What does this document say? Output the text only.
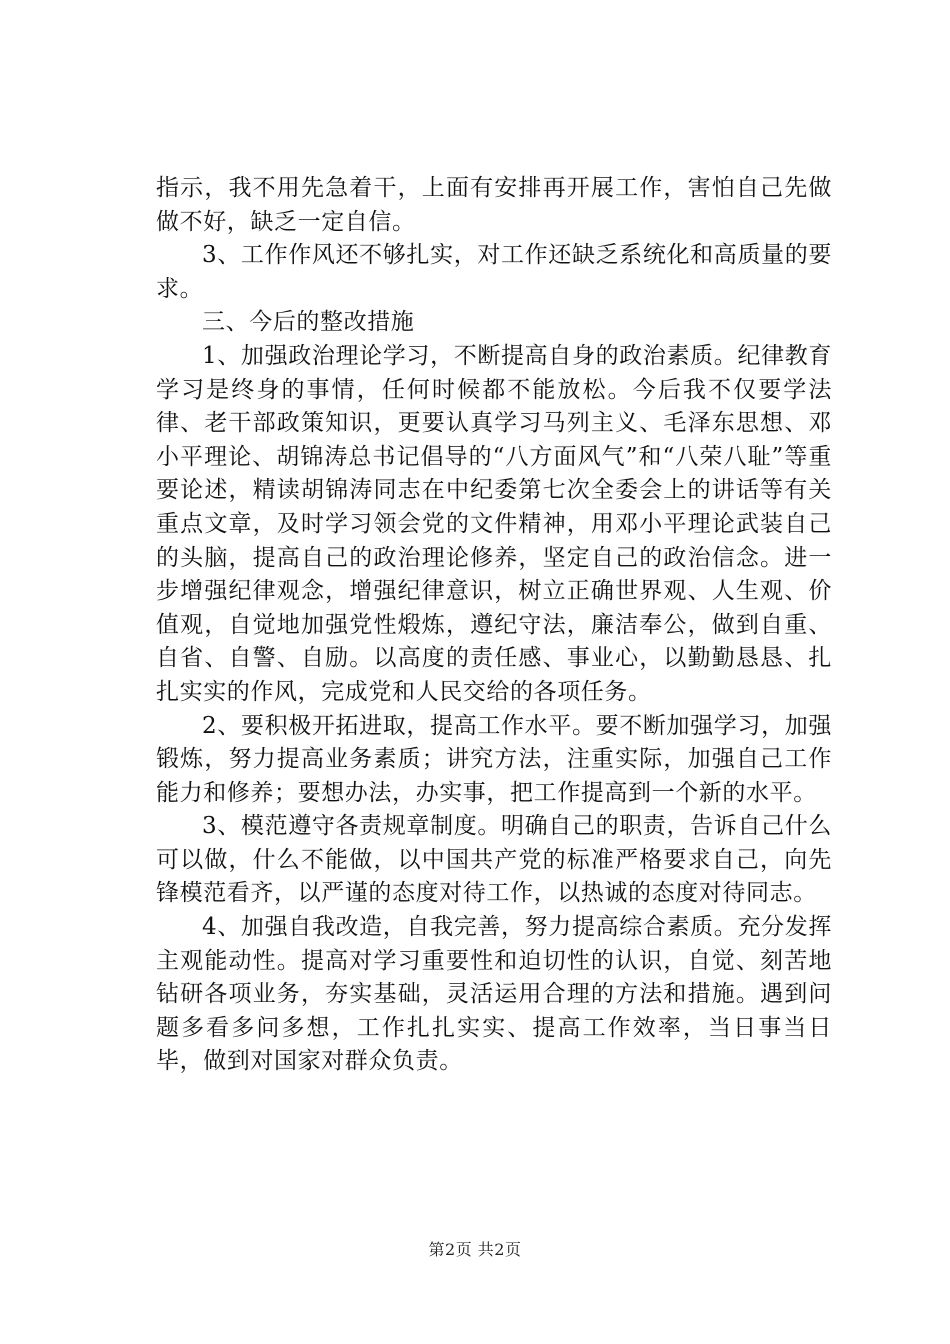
指示，我不用先急着干，上面有安排再开展工作，害怕自己先做做不好，缺乏一定自信。

3、工作作风还不够扎实，对工作还缺乏系统化和高质量的要求。

三、今后的整改措施

1、加强政治理论学习，不断提高自身的政治素质。纪律教育学习是终身的事情，任何时候都不能放松。今后我不仅要学法律、老干部政策知识，更要认真学习马列主义、毛泽东思想、邓小平理论、胡锦涛总书记倡导的“八方面风气”和“八荣八耻”等重要论述，精读胡锦涛同志在中纪委第七次全委会上的讲话等有关重点文章，及时学习领会党的文件精神，用邓小平理论武装自己的头脑，提高自己的政治理论修养，坚定自己的政治信念。进一步增强纪律观念，增强纪律意识，树立正确世界观、人生观、价值观，自觉地加强党性煅炼，遵纪守法，廉洁奉公，做到自重、自省、自警、自励。以高度的责任感、事业心，以勤勤恳恳、扎扎实实的作风，完成党和人民交给的各项任务。

2、要积极开拓进取，提高工作水平。要不断加强学习，加强锻炼，努力提高业务素质；讲究方法，注重实际，加强自己工作能力和修养；要想办法，办实事，把工作提高到一个新的水平。

3、模范遵守各责规章制度。明确自己的职责，告诉自己什么可以做，什么不能做，以中国共产党的标准严格要求自己，向先锋模范看齐，以严谨的态度对待工作，以热诚的态度对待同志。

4、加强自我改造，自我完善，努力提高综合素质。充分发挥主观能动性。提高对学习重要性和迫切性的认识，自觉、刻苦地钻研各项业务，夯实基础，灵活运用合理的方法和措施。遇到问题多看多问多想，工作扎扎实实、提高工作效率，当日事当日毕，做到对国家对群众负责。

第2页 共2页
